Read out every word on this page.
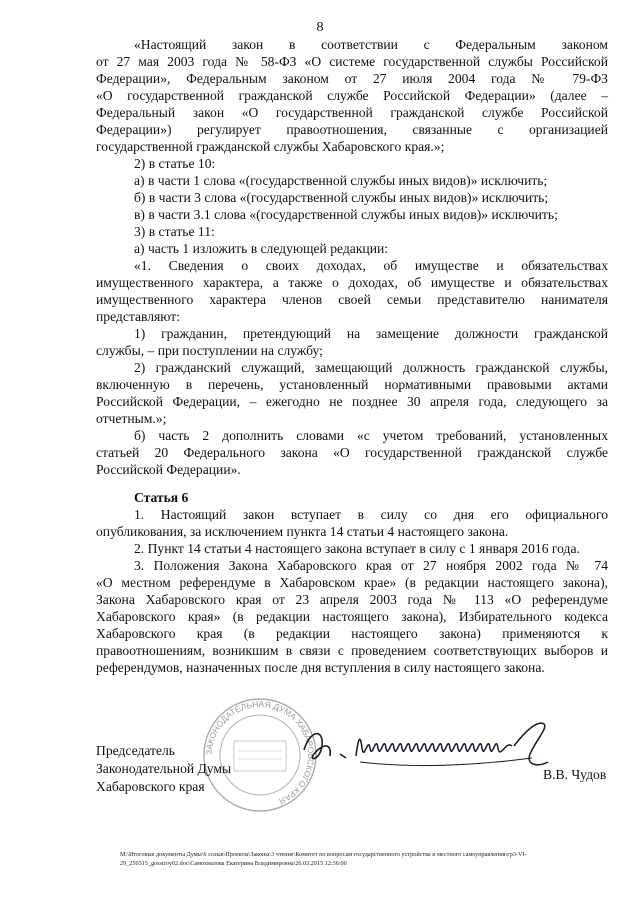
8
«Настоящий закон в соответствии с Федеральным законом
от 27 мая 2003 года № 58-ФЗ «О системе государственной службы Российской
Федерации», Федеральным законом от 27 июля 2004 года № 79-ФЗ
«О государственной гражданской службе Российской Федерации» (далее –
Федеральный закон «О государственной гражданской службе Российской
Федерации») регулирует правоотношения, связанные с организацией
государственной гражданской службы Хабаровского края.»;
2) в статье 10:
а) в части 1 слова «(государственной службы иных видов)» исключить;
б) в части 3 слова «(государственной службы иных видов)» исключить;
в) в части 3.1 слова «(государственной службы иных видов)» исключить;
3) в статье 11:
а) часть 1 изложить в следующей редакции:
«1. Сведения о своих доходах, об имуществе и обязательствах
имущественного характера, а также о доходах, об имуществе и обязательствах
имущественного характера членов своей семьи представителю нанимателя
представляют:
1) гражданин, претендующий на замещение должности гражданской
службы, – при поступлении на службу;
2) гражданский служащий, замещающий должность гражданской службы,
включенную в перечень, установленный нормативными правовыми актами
Российской Федерации, – ежегодно не позднее 30 апреля года, следующего за
отчетным.»;
б) часть 2 дополнить словами «с учетом требований, установленных
статьей 20 Федерального закона «О государственной гражданской службе
Российской Федерации».
Статья 6
1. Настоящий закон вступает в силу со дня его официального
опубликования, за исключением пункта 14 статьи 4 настоящего закона.
2. Пункт 14 статьи 4 настоящего закона вступает в силу с 1 января 2016 года.
3. Положения Закона Хабаровского края от 27 ноября 2002 года № 74
«О местном референдуме в Хабаровском крае» (в редакции настоящего закона),
Закона Хабаровского края от 23 апреля 2003 года № 113 «О референдуме
Хабаровского края» (в редакции настоящего закона), Избирательного кодекса
Хабаровского края (в редакции настоящего закона) применяются к
правоотношениям, возникшим в связи с проведением соответствующих выборов и
референдумов, назначенных после дня вступления в силу настоящего закона.
ЗАКОНОДАТЕЛЬНАЯ ДУМА ХАБАРОВСКОГО КРАЯ
Председатель
Законодательной Думы
Хабаровского края
В.В. Чудов
M:\Итоговые документы Думы\6 созыв\Проекты\Законы\3 чтение\Комитет по вопросам государственного устройства и местного самоуправления\гр3-VI-
29_250315_gosstroy02.doc\Самохвалова Екатерина Владимировна\26.03.2015 12:36:00
